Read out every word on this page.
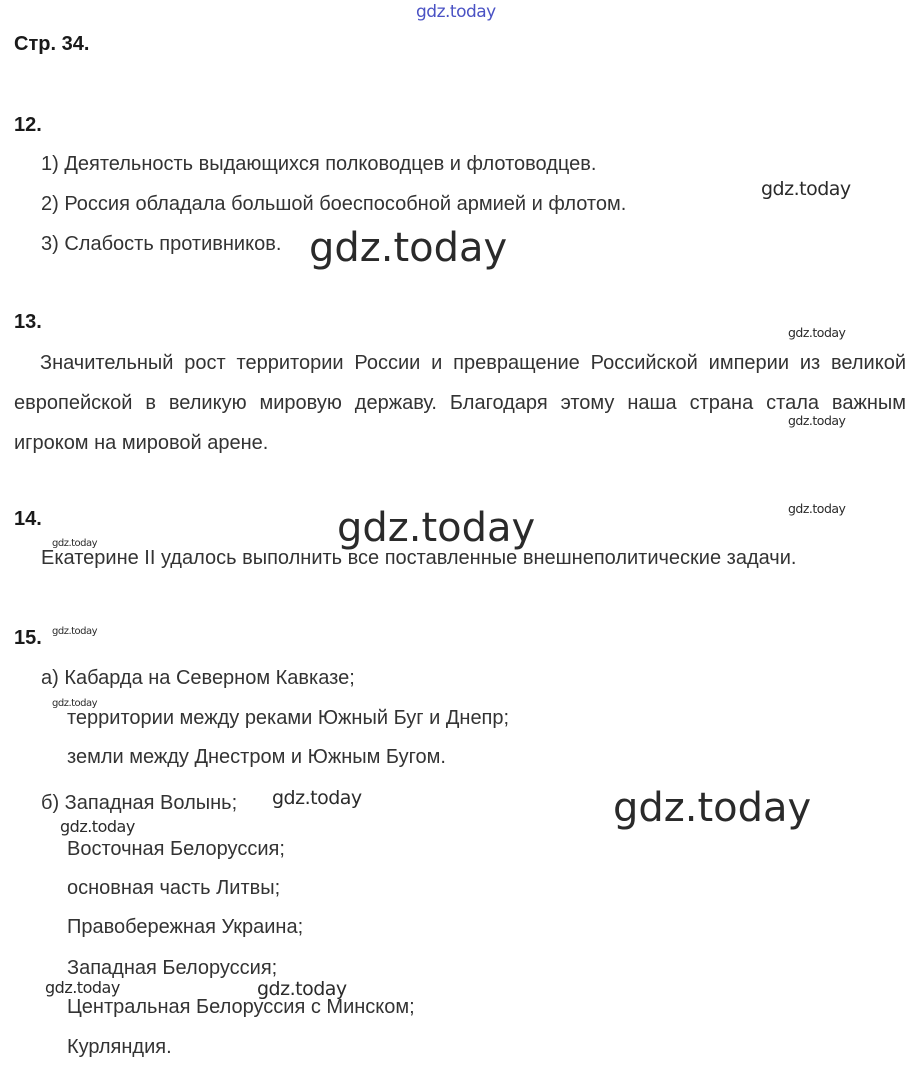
Стр. 34.
12.
1) Деятельность выдающихся полководцев и флотоводцев.
2) Россия обладала большой боеспособной армией и флотом.
3) Слабость противников.
13.
Значительный рост территории России и превращение Российской империи из великой европейской в великую мировую державу. Благодаря этому наша страна стала важным игроком на мировой арене.
14.
Екатерине II удалось выполнить все поставленные внешнеполитические задачи.
15.
а) Кабарда на Северном Кавказе;
территории между реками Южный Буг и Днепр;
земли между Днестром и Южным Бугом.
б) Западная Волынь;
Восточная Белоруссия;
основная часть Литвы;
Правобережная Украина;
Западная Белоруссия;
Центральная Белоруссия с Минском;
Курляндия.
gdz.today
gdz.today
gdz.today
gdz.today
gdz.today
gdz.today
gdz.today
gdz.today
gdz.today
gdz.today
gdz.today	gdz.today
gdz.today
gdz.today	gdz.today
